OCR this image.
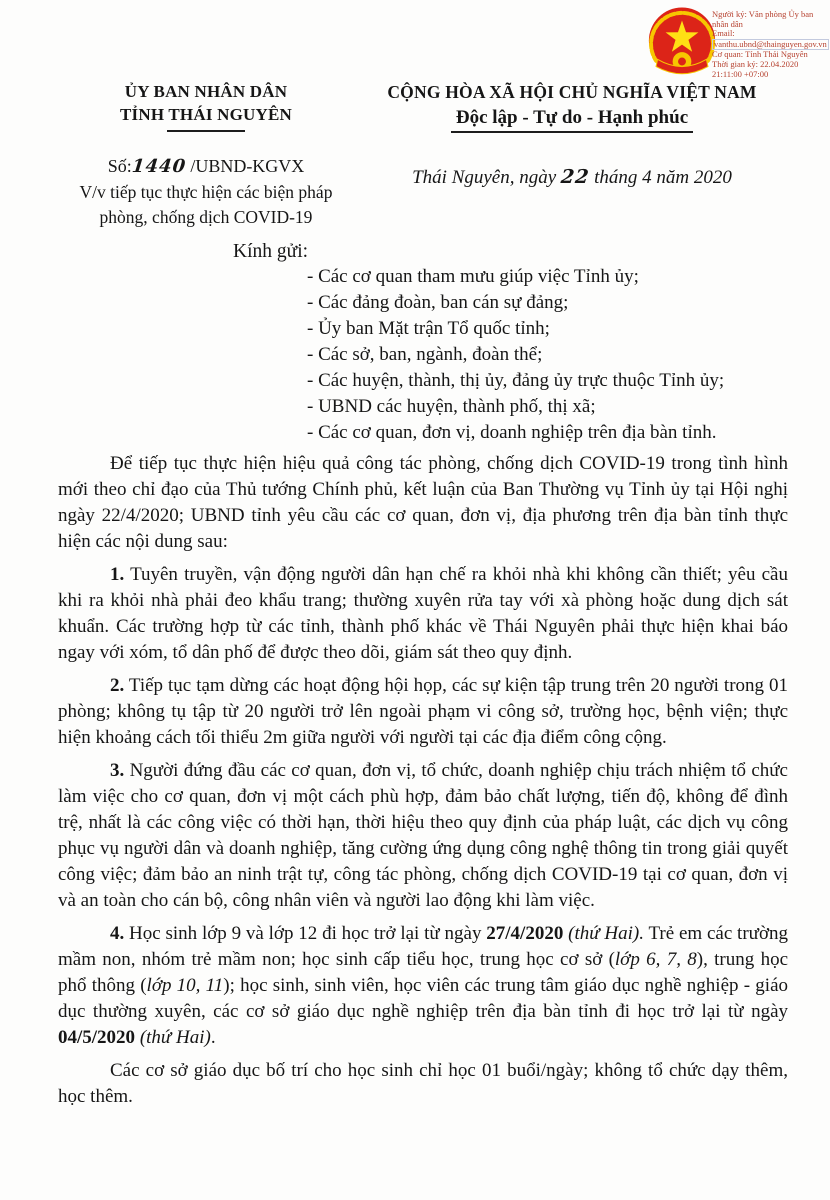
Người ký: Văn phòng Ủy ban
nhân dân
Email:
vanthu.ubnd@thainguyen.gov.vn
Cơ quan: Tỉnh Thái Nguyên
Thời gian ký: 22.04.2020
21:11:00 +07:00
ỦY BAN NHÂN DÂN
TỈNH THÁI NGUYÊN
Số:1440 /UBND-KGVX
V/v tiếp tục thực hiện các biện pháp
phòng, chống dịch COVID-19
CỘNG HÒA XÃ HỘI CHỦ NGHĨA VIỆT NAM
Độc lập - Tự do - Hạnh phúc
Thái Nguyên, ngày 22 tháng 4 năm 2020
Kính gửi:
- Các cơ quan tham mưu giúp việc Tỉnh ủy;
- Các đảng đoàn, ban cán sự đảng;
- Ủy ban Mặt trận Tổ quốc tỉnh;
- Các sở, ban, ngành, đoàn thể;
- Các huyện, thành, thị ủy, đảng ủy trực thuộc Tỉnh ủy;
- UBND các huyện, thành phố, thị xã;
- Các cơ quan, đơn vị, doanh nghiệp trên địa bàn tỉnh.

Để tiếp tục thực hiện hiệu quả công tác phòng, chống dịch COVID-19 trong tình hình mới theo chỉ đạo của Thủ tướng Chính phủ, kết luận của Ban Thường vụ Tỉnh ủy tại Hội nghị ngày 22/4/2020; UBND tỉnh yêu cầu các cơ quan, đơn vị, địa phương trên địa bàn tỉnh thực hiện các nội dung sau:

1. Tuyên truyền, vận động người dân hạn chế ra khỏi nhà khi không cần thiết; yêu cầu khi ra khỏi nhà phải đeo khẩu trang; thường xuyên rửa tay với xà phòng hoặc dung dịch sát khuẩn. Các trường hợp từ các tỉnh, thành phố khác về Thái Nguyên phải thực hiện khai báo ngay với xóm, tổ dân phố để được theo dõi, giám sát theo quy định.

2. Tiếp tục tạm dừng các hoạt động hội họp, các sự kiện tập trung trên 20 người trong 01 phòng; không tụ tập từ 20 người trở lên ngoài phạm vi công sở, trường học, bệnh viện; thực hiện khoảng cách tối thiểu 2m giữa người với người tại các địa điểm công cộng.

3. Người đứng đầu các cơ quan, đơn vị, tổ chức, doanh nghiệp chịu trách nhiệm tổ chức làm việc cho cơ quan, đơn vị một cách phù hợp, đảm bảo chất lượng, tiến độ, không để đình trệ, nhất là các công việc có thời hạn, thời hiệu theo quy định của pháp luật, các dịch vụ công phục vụ người dân và doanh nghiệp, tăng cường ứng dụng công nghệ thông tin trong giải quyết công việc; đảm bảo an ninh trật tự, công tác phòng, chống dịch COVID-19 tại cơ quan, đơn vị và an toàn cho cán bộ, công nhân viên và người lao động khi làm việc.

4. Học sinh lớp 9 và lớp 12 đi học trở lại từ ngày 27/4/2020 (thứ Hai). Trẻ em các trường mầm non, nhóm trẻ mầm non; học sinh cấp tiểu học, trung học cơ sở (lớp 6, 7, 8), trung học phổ thông (lớp 10, 11); học sinh, sinh viên, học viên các trung tâm giáo dục nghề nghiệp - giáo dục thường xuyên, các cơ sở giáo dục nghề nghiệp trên địa bàn tỉnh đi học trở lại từ ngày 04/5/2020 (thứ Hai).

Các cơ sở giáo dục bố trí cho học sinh chỉ học 01 buổi/ngày; không tổ chức dạy thêm, học thêm.
